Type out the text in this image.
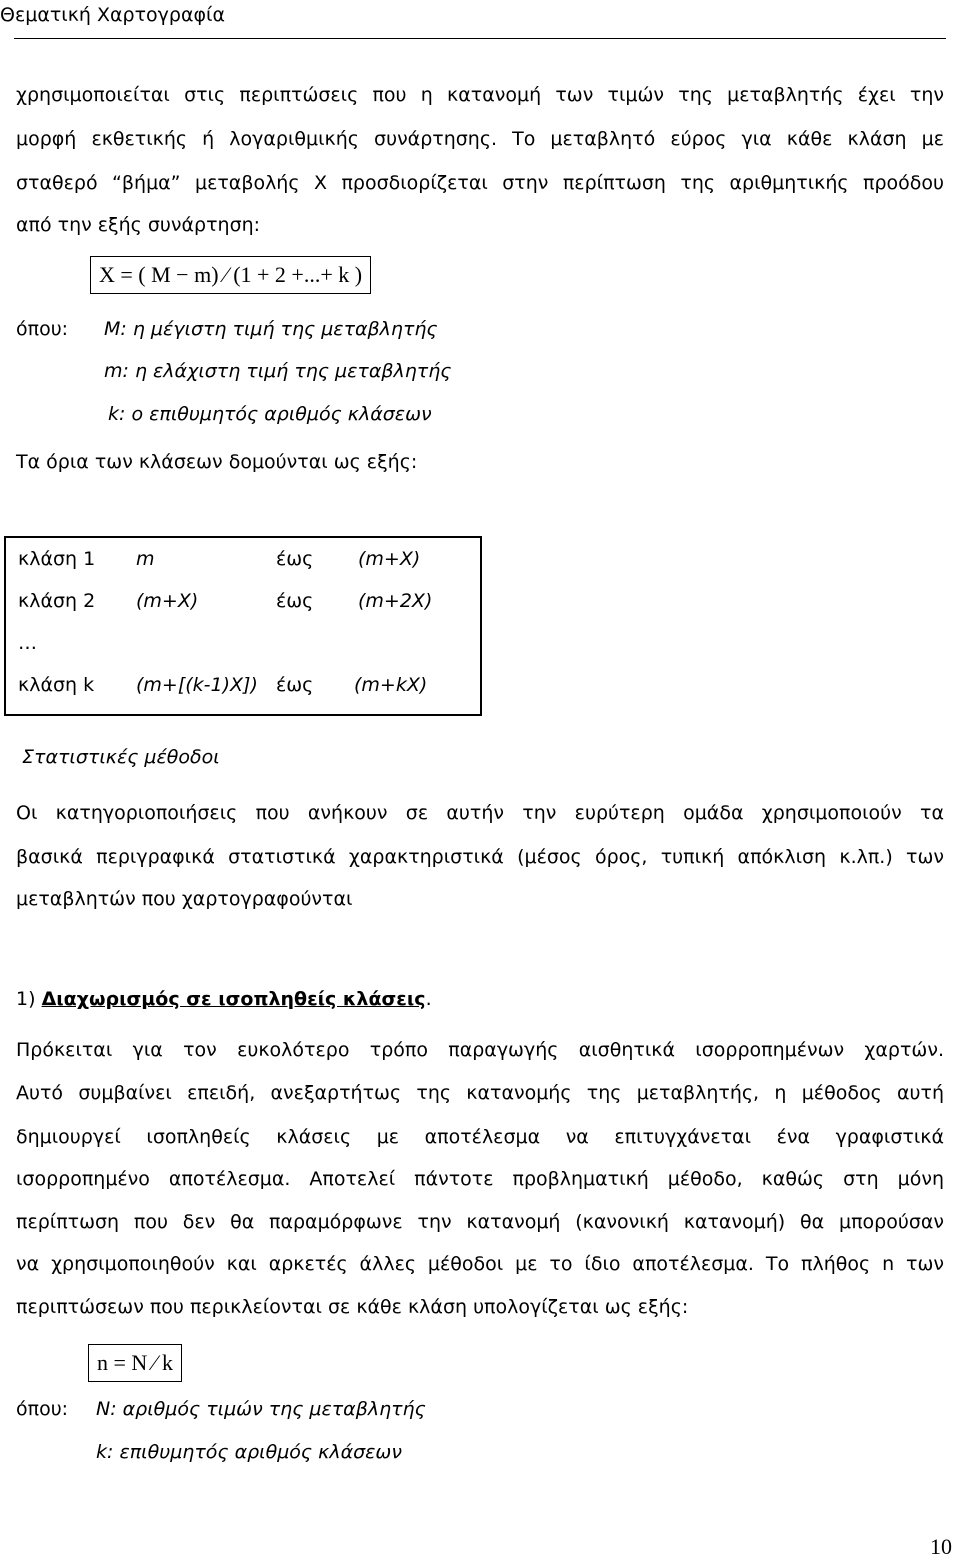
Θεματική Χαρτογραφία
χρησιμοποιείται στις περιπτώσεις που η κατανομή των τιμών της μεταβλητής έχει την
μορφή εκθετικής ή λογαριθμικής συνάρτησης. Το μεταβλητό εύρος για κάθε κλάση με
σταθερό “βήμα” μεταβολής X προσδιορίζεται στην περίπτωση της αριθμητικής προόδου
από την εξής συνάρτηση:
X = ( M − m) ⁄ (1 + 2 +...+ k )
όπου: M: η μέγιστη τιμή της μεταβλητής
m: η ελάχιστη τιμή της μεταβλητής
k: ο επιθυμητός αριθμός κλάσεων
Τα όρια των κλάσεων δομούνται ως εξής:
κλάση 1 m	έως (m+X)
κλάση 2 (m+X)	έως (m+2X)
…
κλάση k (m+[(k-1)X]) έως (m+kX)
Στατιστικές μέθοδοι
Οι κατηγοριοποιήσεις που ανήκουν σε αυτήν την ευρύτερη ομάδα χρησιμοποιούν τα
βασικά περιγραφικά στατιστικά χαρακτηριστικά (μέσος όρος, τυπική απόκλιση κ.λπ.) των
μεταβλητών που χαρτογραφούνται
1) Διαχωρισμός σε ισοπληθείς κλάσεις.
Πρόκειται για τον ευκολότερο τρόπο παραγωγής αισθητικά ισορροπημένων χαρτών.
Αυτό συμβαίνει επειδή, ανεξαρτήτως της κατανομής της μεταβλητής, η μέθοδος αυτή
δημιουργεί ισοπληθείς κλάσεις με αποτέλεσμα να επιτυγχάνεται ένα γραφιστικά
ισορροπημένο αποτέλεσμα. Αποτελεί πάντοτε προβληματική μέθοδο, καθώς στη μόνη
περίπτωση που δεν θα παραμόρφωνε την κατανομή (κανονική κατανομή) θα μπορούσαν
να χρησιμοποιηθούν και αρκετές άλλες μέθοδοι με το ίδιο αποτέλεσμα. Το πλήθος n των
περιπτώσεων που περικλείονται σε κάθε κλάση υπολογίζεται ως εξής:
n = N ⁄ k
όπου: N: αριθμός τιμών της μεταβλητής
k: επιθυμητός αριθμός κλάσεων
10
